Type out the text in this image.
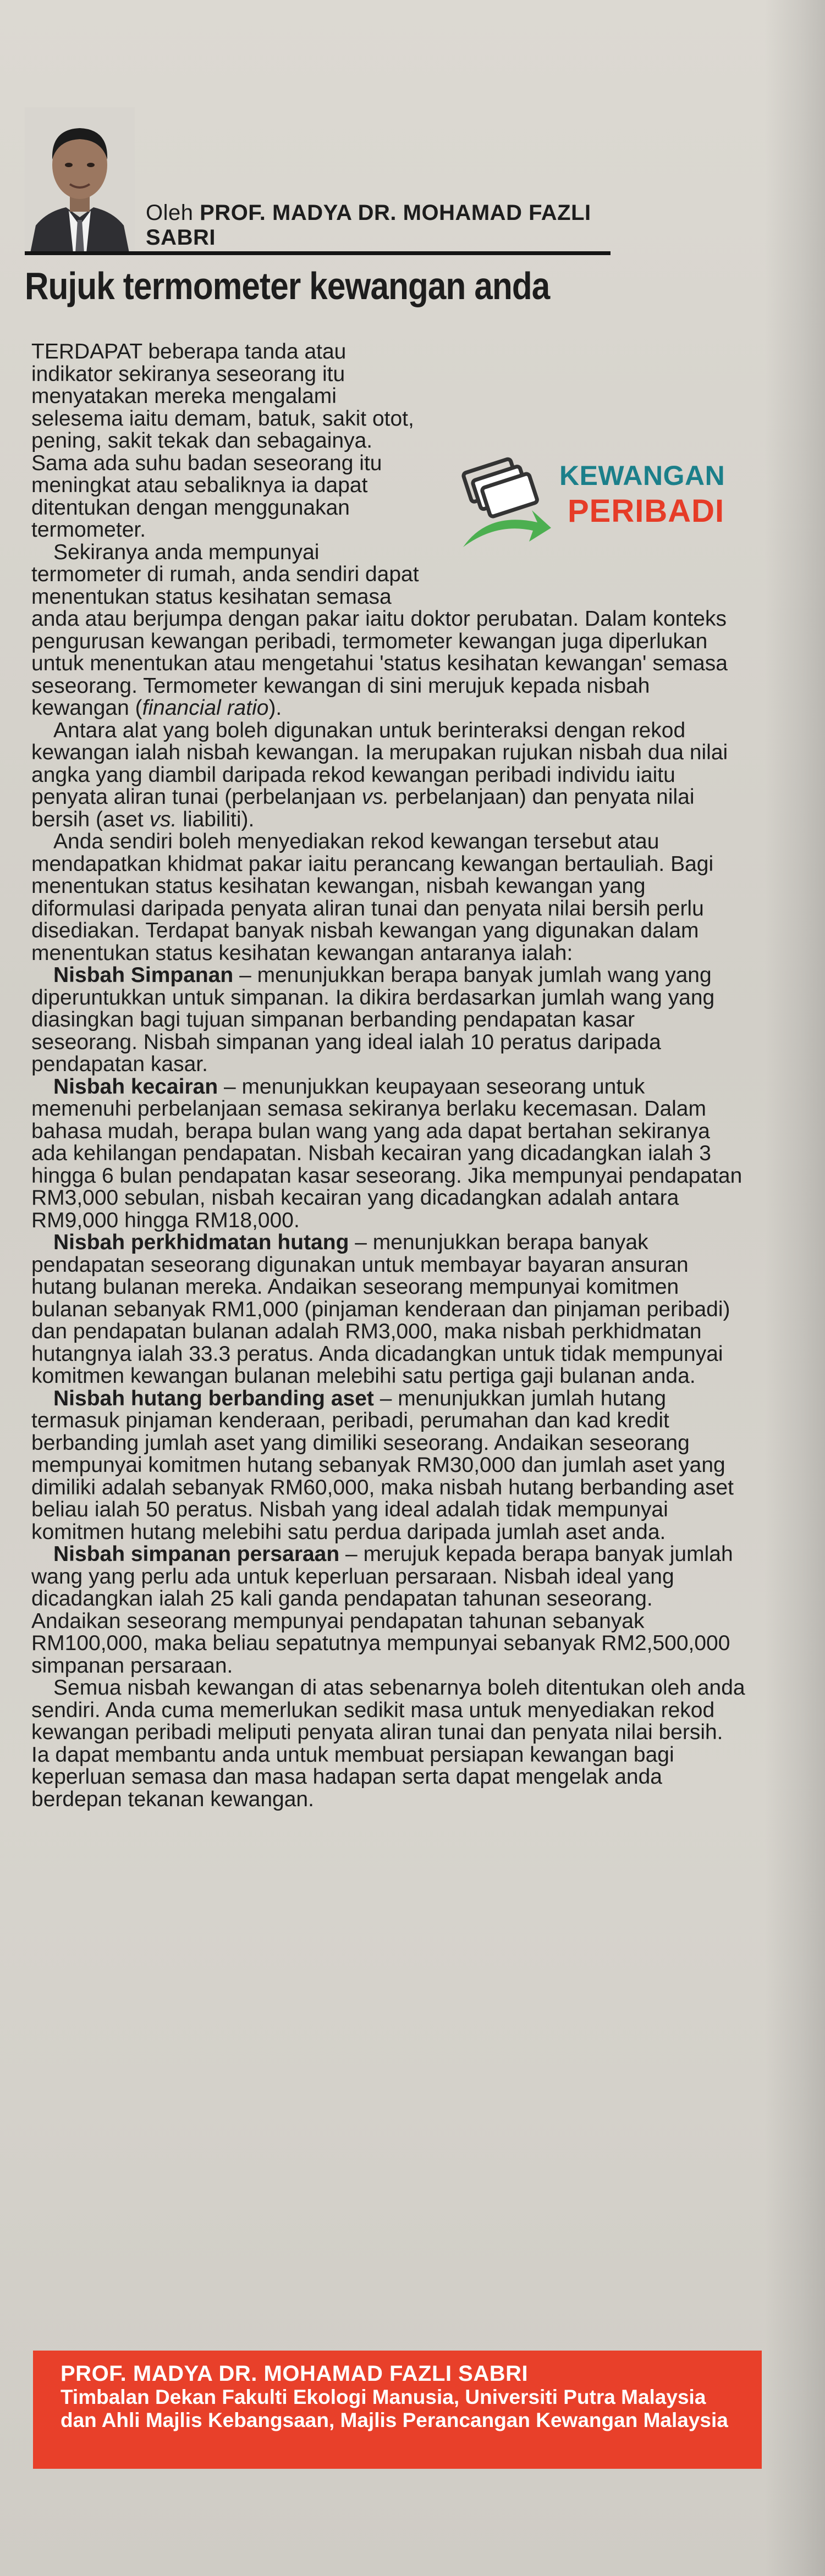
Oleh PROF. MADYA DR. MOHAMAD FAZLI SABRI
Rujuk termometer kewangan anda
KEWANGAN
PERIBADI

TERDAPAT beberapa tanda atau indikator sekiranya seseorang itu menyatakan mereka mengalami selesema iaitu demam, batuk, sakit otot, pening, sakit tekak dan sebagainya. Sama ada suhu badan seseorang itu meningkat atau sebaliknya ia dapat ditentukan dengan menggunakan termometer.

Sekiranya anda mempunyai termometer di rumah, anda sendiri dapat menentukan status kesihatan semasa anda atau berjumpa dengan pakar iaitu doktor perubatan. Dalam konteks pengurusan kewangan peribadi, termometer kewangan juga diperlukan untuk menentukan atau mengetahui 'status kesihatan kewangan' semasa seseorang. Termometer kewangan di sini merujuk kepada nisbah kewangan (financial ratio).

Antara alat yang boleh digunakan untuk berinteraksi dengan rekod kewangan ialah nisbah kewangan. Ia merupakan rujukan nisbah dua nilai angka yang diambil daripada rekod kewangan peribadi individu iaitu penyata aliran tunai (perbelanjaan vs. perbelanjaan) dan penyata nilai bersih (aset vs. liabiliti).

Anda sendiri boleh menyediakan rekod kewangan tersebut atau mendapatkan khidmat pakar iaitu perancang kewangan bertauliah. Bagi menentukan status kesihatan kewangan, nisbah kewangan yang diformulasi daripada penyata aliran tunai dan penyata nilai bersih perlu disediakan. Terdapat banyak nisbah kewangan yang digunakan dalam menentukan status kesihatan kewangan antaranya ialah:

Nisbah Simpanan – menunjukkan berapa banyak jumlah wang yang diperuntukkan untuk simpanan. Ia dikira berdasarkan jumlah wang yang diasingkan bagi tujuan simpanan berbanding pendapatan kasar seseorang. Nisbah simpanan yang ideal ialah 10 peratus daripada pendapatan kasar.

Nisbah kecairan – menunjukkan keupayaan seseorang untuk memenuhi perbelanjaan semasa sekiranya berlaku kecemasan. Dalam bahasa mudah, berapa bulan wang yang ada dapat bertahan sekiranya ada kehilangan pendapatan. Nisbah kecairan yang dicadangkan ialah 3 hingga 6 bulan pendapatan kasar seseorang. Jika mempunyai pendapatan RM3,000 sebulan, nisbah kecairan yang dicadangkan adalah antara RM9,000 hingga RM18,000.

Nisbah perkhidmatan hutang – menunjukkan berapa banyak pendapatan seseorang digunakan untuk membayar bayaran ansuran hutang bulanan mereka. Andaikan seseorang mempunyai komitmen bulanan sebanyak RM1,000 (pinjaman kenderaan dan pinjaman peribadi) dan pendapatan bulanan adalah RM3,000, maka nisbah perkhidmatan hutangnya ialah 33.3 peratus. Anda dicadangkan untuk tidak mempunyai komitmen kewangan bulanan melebihi satu pertiga gaji bulanan anda.

Nisbah hutang berbanding aset – menunjukkan jumlah hutang termasuk pinjaman kenderaan, peribadi, perumahan dan kad kredit berbanding jumlah aset yang dimiliki seseorang. Andaikan seseorang mempunyai komitmen hutang sebanyak RM30,000 dan jumlah aset yang dimiliki adalah sebanyak RM60,000, maka nisbah hutang berbanding aset beliau ialah 50 peratus. Nisbah yang ideal adalah tidak mempunyai komitmen hutang melebihi satu perdua daripada jumlah aset anda.

Nisbah simpanan persaraan – merujuk kepada berapa banyak jumlah wang yang perlu ada untuk keperluan persaraan. Nisbah ideal yang dicadangkan ialah 25 kali ganda pendapatan tahunan seseorang. Andaikan seseorang mempunyai pendapatan tahunan sebanyak RM100,000, maka beliau sepatutnya mempunyai sebanyak RM2,500,000 simpanan persaraan.

Semua nisbah kewangan di atas sebenarnya boleh ditentukan oleh anda sendiri. Anda cuma memerlukan sedikit masa untuk menyediakan rekod kewangan peribadi meliputi penyata aliran tunai dan penyata nilai bersih. Ia dapat membantu anda untuk membuat persiapan kewangan bagi keperluan semasa dan masa hadapan serta dapat mengelak anda berdepan tekanan kewangan.

PROF. MADYA DR. MOHAMAD FAZLI SABRI
Timbalan Dekan Fakulti Ekologi Manusia, Universiti Putra Malaysia dan Ahli Majlis Kebangsaan, Majlis Perancangan Kewangan Malaysia
